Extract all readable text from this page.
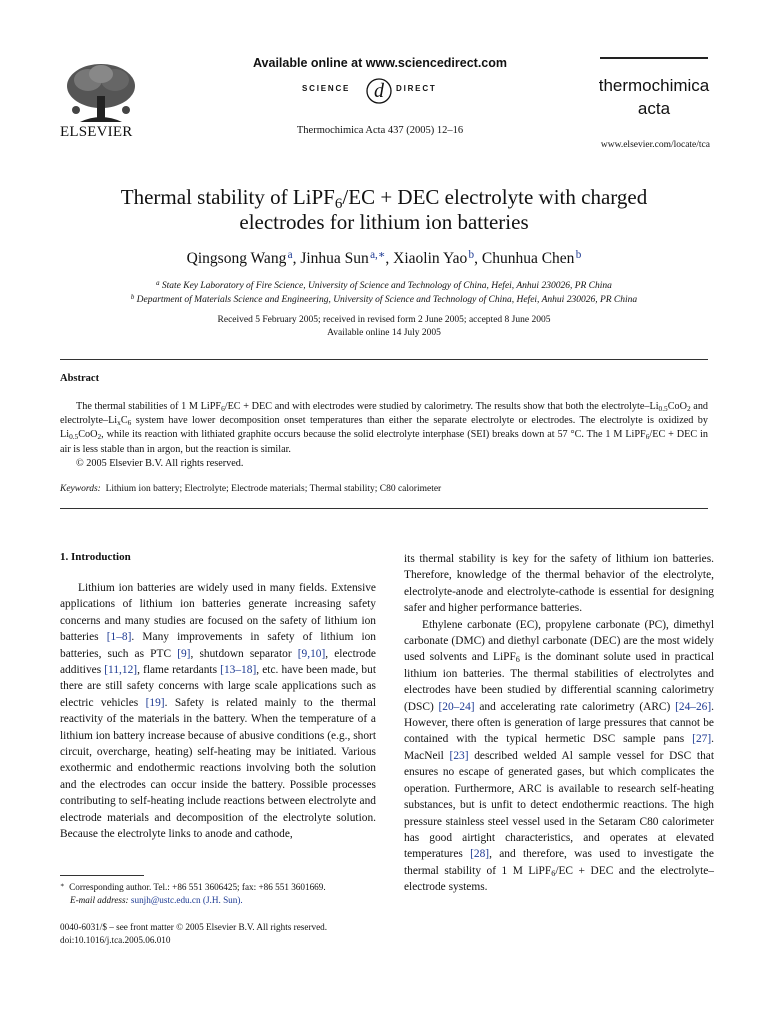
ELSEVIER
Available online at www.sciencedirect.com
SCIENCE d DIRECT
Thermochimica Acta 437 (2005) 12–16
thermochimica
acta
www.elsevier.com/locate/tca
Thermal stability of LiPF$_6$/EC + DEC electrolyte with charged
electrodes for lithium ion batteries
Qingsong Wang $^a$, Jinhua Sun $^{a,∗}$, Xiaolin Yao $^b$, Chunhua Chen $^b$
$^a$ State Key Laboratory of Fire Science, University of Science and Technology of China, Hefei, Anhui 230026, PR China
$^b$ Department of Materials Science and Engineering, University of Science and Technology of China, Hefei, Anhui 230026, PR China
Received 5 February 2005; received in revised form 2 June 2005; accepted 8 June 2005
Available online 14 July 2005
Abstract

The thermal stabilities of 1 M LiPF$_6$/EC + DEC and with electrodes were studied by calorimetry. The results show that both the electrolyte–$Li_{0.5}CoO_2$ and electrolyte–$Li_xC_6$ system have lower decomposition onset temperatures than either the separate electrolyte or electrodes. The electrolyte is oxidized by $Li_{0.5}CoO_2$, while its reaction with lithiated graphite occurs because the solid electrolyte interphase (SEI) breaks down at 57 °C. The 1 M LiPF$_6$/EC + DEC in air is less stable than in argon, but the reaction is similar.

© 2005 Elsevier B.V. All rights reserved.

Keywords: Lithium ion battery; Electrolyte; Electrode materials; Thermal stability; C80 calorimeter
1. Introduction

Lithium ion batteries are widely used in many fields. Extensive applications of lithium ion batteries generate increasing safety concerns and many studies are focused on the safety of lithium ion batteries [1–8]. Many improvements in safety of lithium ion batteries, such as PTC [9], shutdown separator [9,10], electrode additives [11,12], flame retardants [13–18], etc. have been made, but there are still safety concerns with large scale applications such as electric vehicles [19]. Safety is related mainly to the thermal reactivity of the materials in the battery. When the temperature of a lithium ion battery increase because of abusive conditions (e.g., short circuit, overcharge, heating) self-heating may be initiated. Various exothermic and endothermic reactions involving both the solution and the electrodes can occur inside the battery. Possible processes contributing to self-heating include reactions between electrolyte and electrode materials and decomposition of the electrolyte solution. Because the electrolyte links to anode and cathode,

its thermal stability is key for the safety of lithium ion batteries. Therefore, knowledge of the thermal behavior of the electrolyte, electrolyte-anode and electrolyte-cathode is essential for designing safer and higher performance batteries.

Ethylene carbonate (EC), propylene carbonate (PC), dimethyl carbonate (DMC) and diethyl carbonate (DEC) are the most widely used solvents and LiPF$_6$ is the dominant solute used in practical lithium ion batteries. The thermal stabilities of electrolytes and electrodes have been studied by differential scanning calorimetry (DSC) [20–24] and accelerating rate calorimetry (ARC) [24–26]. However, there often is generation of large pressures that cannot be contained with the typical hermetic DSC sample pans [27]. MacNeil [23] described welded Al sample vessel for DSC that ensures no escape of generated gases, but which complicates the operation. Furthermore, ARC is available to research self-heating substances, but is unfit to detect endothermic reactions. The high pressure stainless steel vessel used in the Setaram C80 calorimeter has good airtight characteristics, and operates at elevated temperatures [28], and therefore, was used to investigate the thermal stability of 1 M LiPF$_6$/EC + DEC and the electrolyte–electrode systems.

∗ Corresponding author. Tel.: +86 551 3606425; fax: +86 551 3601669.
E-mail address: sunjh@ustc.edu.cn (J.H. Sun).
0040-6031/$ – see front matter © 2005 Elsevier B.V. All rights reserved.
doi:10.1016/j.tca.2005.06.010
